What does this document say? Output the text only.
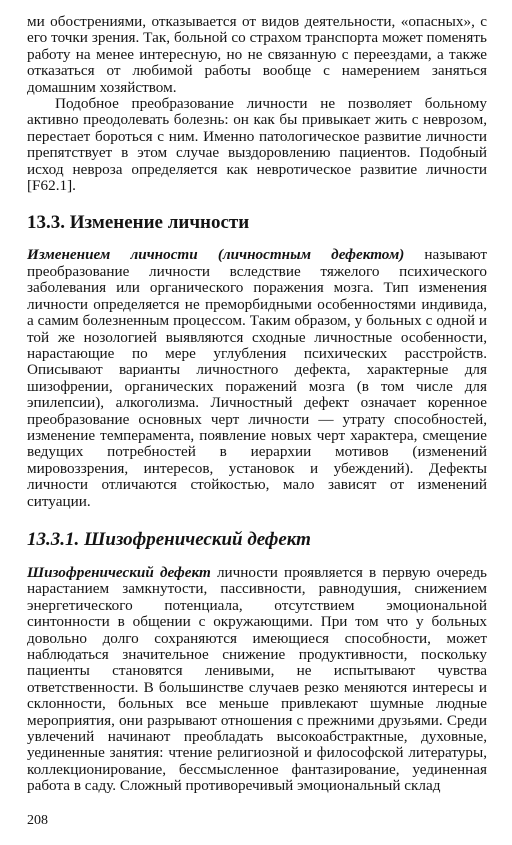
ми обострениями, отказывается от видов деятельности, «опасных», с его точки зрения. Так, больной со страхом транспорта может поменять работу на менее интересную, но не связанную с переездами, а также отказаться от любимой работы вообще с намерением заняться домашним хозяйством.

Подобное преобразование личности не позволяет больному активно преодолевать болезнь: он как бы привыкает жить с неврозом, перестает бороться с ним. Именно патологическое развитие личности препятствует в этом случае выздоровлению пациентов. Подобный исход невроза определяется как невротическое развитие личности [F62.1].

13.3. Изменение личности

Изменением личности (личностным дефектом) называют преобразование личности вследствие тяжелого психического заболевания или органического поражения мозга. Тип изменения личности определяется не преморбидными особенностями индивида, а самим болезненным процессом. Таким образом, у больных с одной и той же нозологией выявляются сходные личностные особенности, нарастающие по мере углубления психических расстройств. Описывают варианты личностного дефекта, характерные для шизофрении, органических поражений мозга (в том числе для эпилепсии), алкоголизма. Личностный дефект означает коренное преобразование основных черт личности — утрату способностей, изменение темперамента, появление новых черт характера, смещение ведущих потребностей в иерархии мотивов (изменений мировоззрения, интересов, установок и убеждений). Дефекты личности отличаются стойкостью, мало зависят от изменений ситуации.

13.3.1. Шизофренический дефект

Шизофренический дефект личности проявляется в первую очередь нарастанием замкнутости, пассивности, равнодушия, снижением энергетического потенциала, отсутствием эмоциональной синтонности в общении с окружающими. При том что у больных довольно долго сохраняются имеющиеся способности, может наблюдаться значительное снижение продуктивности, поскольку пациенты становятся ленивыми, не испытывают чувства ответственности. В большинстве случаев резко меняются интересы и склонности, больных все меньше привлекают шумные людные мероприятия, они разрывают отношения с прежними друзьями. Среди увлечений начинают преобладать высокоабстрактные, духовные, уединенные занятия: чтение религиозной и философской литературы, коллекционирование, бессмысленное фантазирование, уединенная работа в саду. Сложный противоречивый эмоциональный склад

208
